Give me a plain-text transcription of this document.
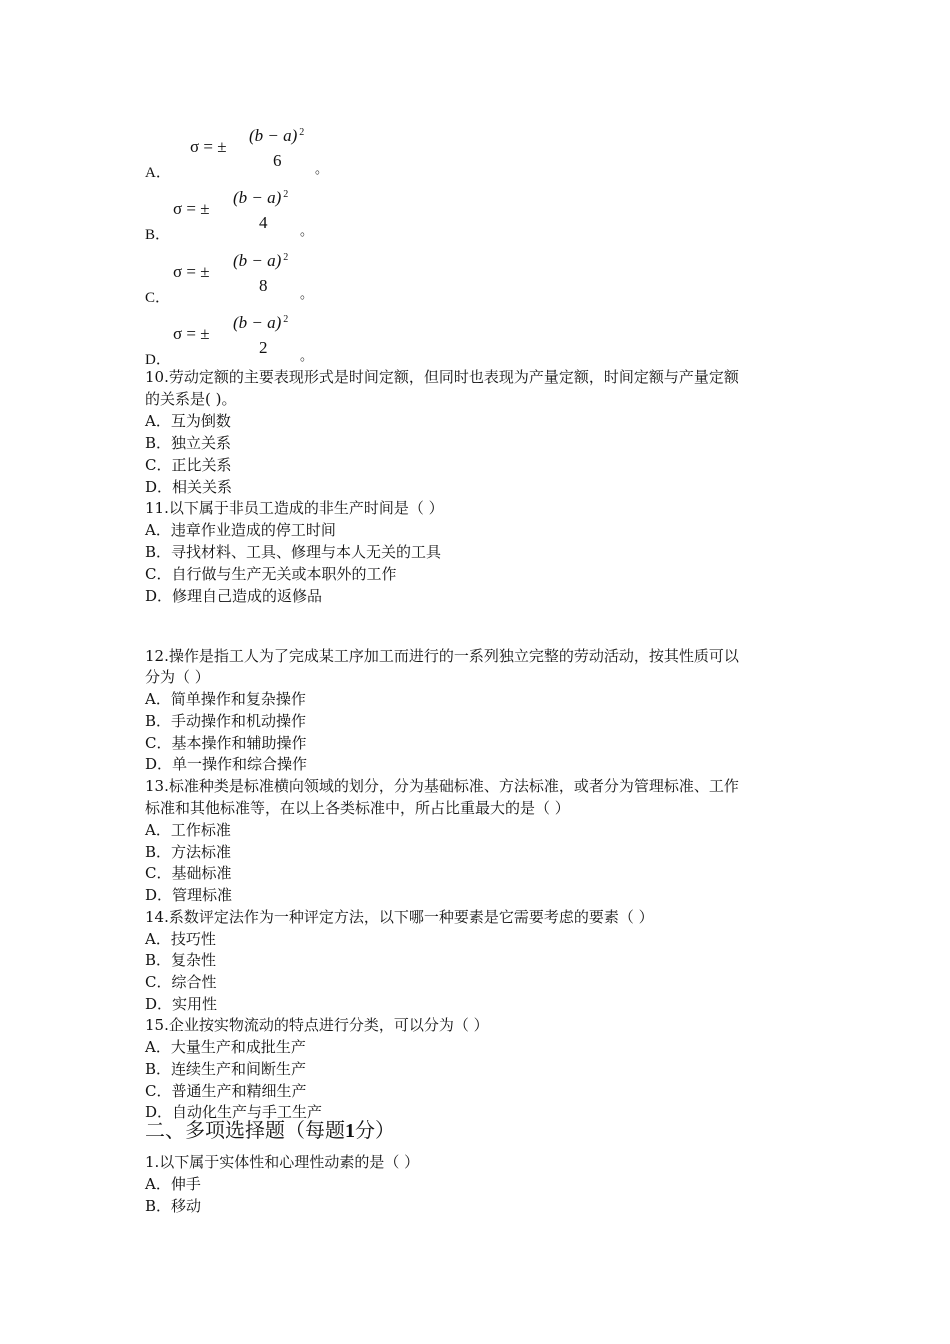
A．
σ = ±
(b − a) $^2$
6	。
B．
σ = ±
(b − a) $^2$
4	。
C．
σ = ±
(b − a) $^2$
8	。
D．
σ = ±
(b − a) $^2$
2	。
10.劳动定额的主要表现形式是时间定额，但同时也表现为产量定额，时间定额与产量定额
的关系是( )。
A．互为倒数
B．独立关系
C．正比关系
D．相关关系
11.以下属于非员工造成的非生产时间是（ ）
A．违章作业造成的停工时间
B．寻找材料、工具、修理与本人无关的工具
C．自行做与生产无关或本职外的工作
D．修理自己造成的返修品
12.操作是指工人为了完成某工序加工而进行的一系列独立完整的劳动活动，按其性质可以
分为（ ）
A．简单操作和复杂操作
B．手动操作和机动操作
C．基本操作和辅助操作
D．单一操作和综合操作
13.标准种类是标准横向领域的划分，分为基础标准、方法标准，或者分为管理标准、工作
标准和其他标准等，在以上各类标准中，所占比重最大的是（ ）
A．工作标准
B．方法标准
C．基础标准
D．管理标准
14.系数评定法作为一种评定方法，以下哪一种要素是它需要考虑的要素（ ）
A．技巧性
B．复杂性
C．综合性
D．实用性
15.企业按实物流动的特点进行分类，可以分为（ ）
A．大量生产和成批生产
B．连续生产和间断生产
C．普通生产和精细生产
D．自动化生产与手工生产
二、多项选择题（每题1分）
1.以下属于实体性和心理性动素的是（ ）
A．伸手
B．移动
